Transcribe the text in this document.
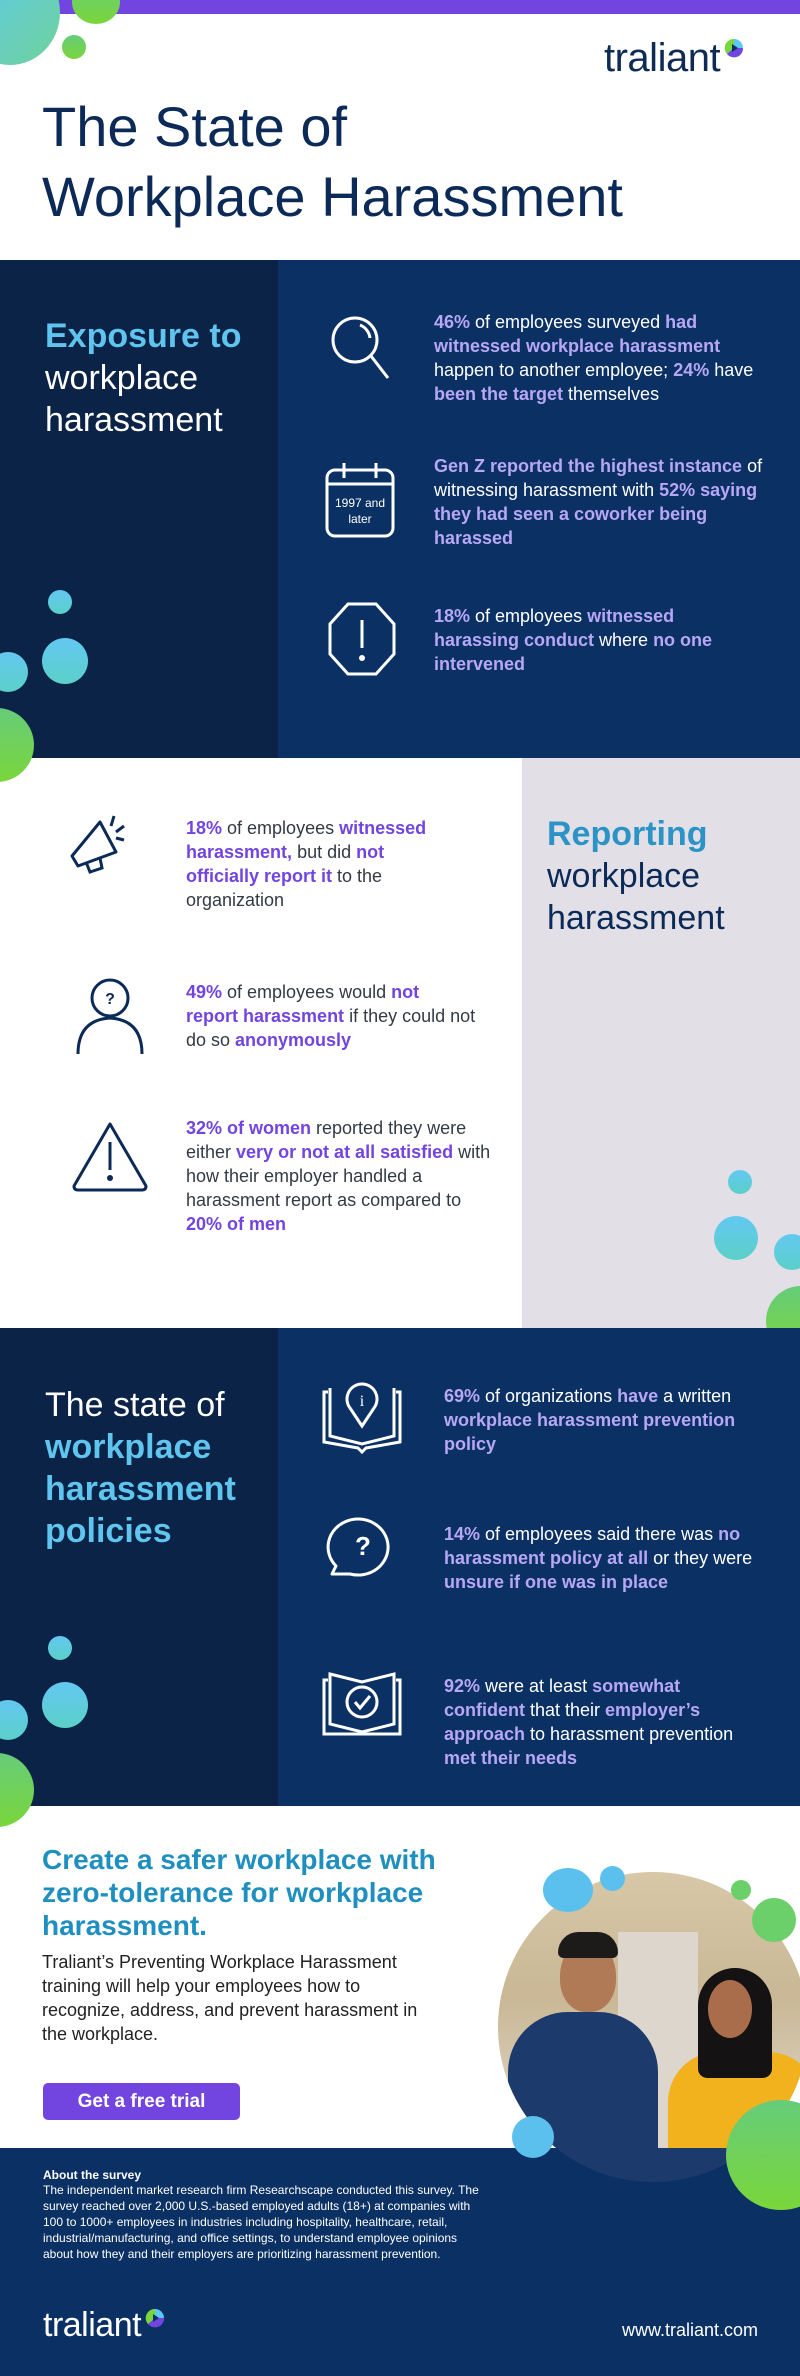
traliant
The State of
Workplace Harassment
Exposure to
workplace
harassment

46% of employees surveyed had witnessed workplace harassment happen to another employee; 24% have been the target themselves

1997 and
later

Gen Z reported the highest instance of witnessing harassment with 52% saying they had seen a coworker being harassed

18% of employees witnessed harassing conduct where no one intervened

Reporting
workplace
harassment

18% of employees witnessed harassment, but did not officially report it to the organization

?	49% of employees would not report harassment if they could not do so anonymously

32% of women reported they were either very or not at all satisfied with how their employer handled a harassment report as compared to 20% of men

The state of
workplace
harassment
policies
i	69% of organizations have a written workplace harassment prevention policy

?	14% of employees said there was no harassment policy at all or they were unsure if one was in place

92% were at least somewhat confident that their employer’s approach to harassment prevention met their needs

Create a safer workplace with zero-tolerance for workplace harassment.

Traliant’s Preventing Workplace Harassment training will help your employees how to recognize, address, and prevent harassment in the workplace.

Get a free trial
About the survey

The independent market research firm Researchscape conducted this survey. The survey reached over 2,000 U.S.-based employed adults (18+) at companies with 100 to 1000+ employees in industries including hospitality, healthcare, retail, industrial/manufacturing, and office settings, to understand employee opinions about how they and their employers are prioritizing harassment prevention.

traliant	www.traliant.com
